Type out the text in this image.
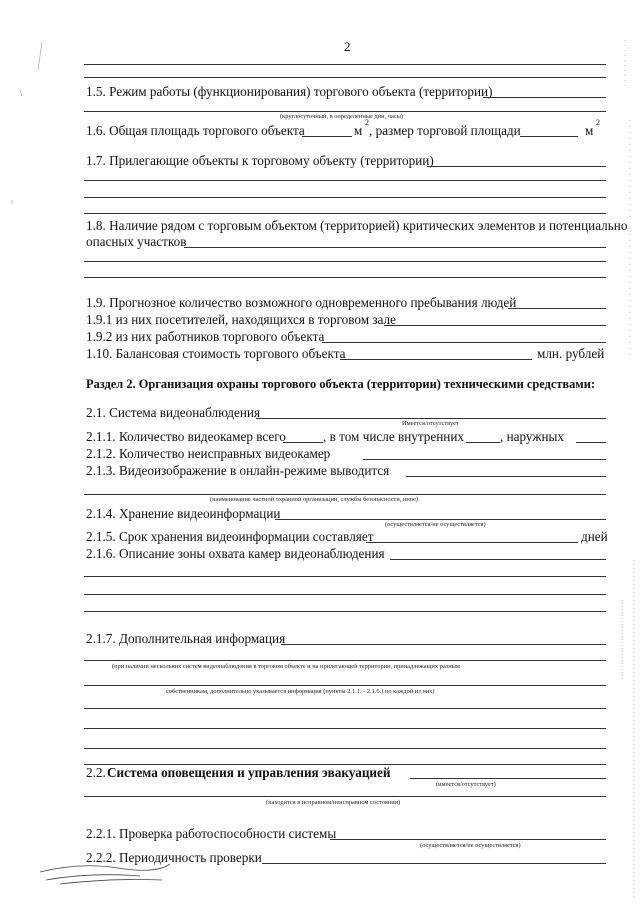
2
1.5. Режим работы (функционирования) торгового объекта (территории)
(круглосуточный, в определенные дни, часы)
1.6. Общая площадь торгового объекта	м
2
, размер торговой площади	м
2
1.7. Прилегающие объекты к торговому объекту (территории)
1.8. Наличие рядом с торговым объектом (территорией) критических элементов и потенциально
опасных участков
1.9. Прогнозное количество возможного одновременного пребывания людей
1.9.1 из них посетителей, находящихся в торговом зале
1.9.2 из них работников торгового объекта
1.10. Балансовая стоимость торгового объекта	млн. рублей
Раздел 2. Организация охраны торгового объекта (территории) техническими средствами:
2.1. Система видеонаблюдения
Имеется/отсутствует
2.1.1. Количество видеокамер всего	, в том числе внутренних	, наружных
2.1.2. Количество неисправных видеокамер
2.1.3. Видеоизображение в онлайн-режиме выводится
(наименование частной охранной организации, службы безопасности, иное)
2.1.4. Хранение видеоинформации
(осуществляется/не осуществляется)
2.1.5. Срок хранения видеоинформации составляет	дней
2.1.6. Описание зоны охвата камер видеонаблюдения
2.1.7. Дополнительная информация
(при наличии нескольких систем видеонаблюдения в торговом объекте и на прилегающей территории, принадлежащих разным
собственникам, дополнительно указывается информация (пункты 2.1.1. - 2.1.6.) по каждой из них)
2.2. Система оповещения и управления эвакуацией
(имеется/отсутствует)
(находится в исправном/неисправном состоянии)
2.2.1. Проверка работоспособности системы
(осуществляется/не осуществляется)
2.2.2. Периодичность проверки
